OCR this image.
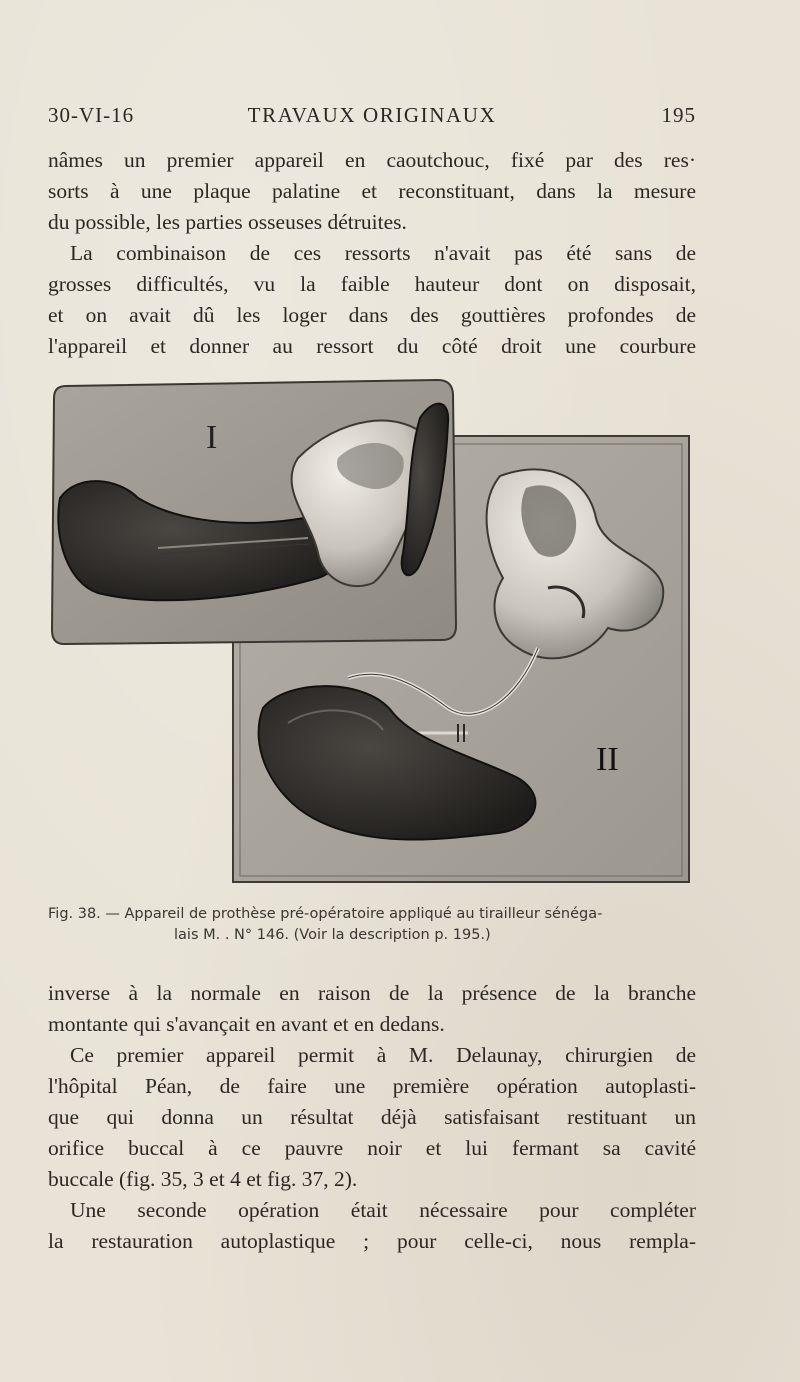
30-VI-16	TRAVAUX ORIGINAUX	195
nâmes un premier appareil en caoutchouc, fixé par des res·
sorts à une plaque palatine et reconstituant, dans la mesure
du possible, les parties osseuses détruites.
La combinaison de ces ressorts n'avait pas été sans de
grosses difficultés, vu la faible hauteur dont on disposait,
et on avait dû les loger dans des gouttières profondes de
l'appareil et donner au ressort du côté droit une courbure
II
I
Fig. 38. — Appareil de prothèse pré-opératoire appliqué au tirailleur sénéga-
lais M. . N° 146. (Voir la description p. 195.)
inverse à la normale en raison de la présence de la branche
montante qui s'avançait en avant et en dedans.
Ce premier appareil permit à M. Delaunay, chirurgien de
l'hôpital Péan, de faire une première opération autoplasti-
que qui donna un résultat déjà satisfaisant restituant un
orifice buccal à ce pauvre noir et lui fermant sa cavité
buccale (fig. 35, 3 et 4 et fig. 37, 2).
Une seconde opération était nécessaire pour compléter
la restauration autoplastique ; pour celle-ci, nous rempla-
